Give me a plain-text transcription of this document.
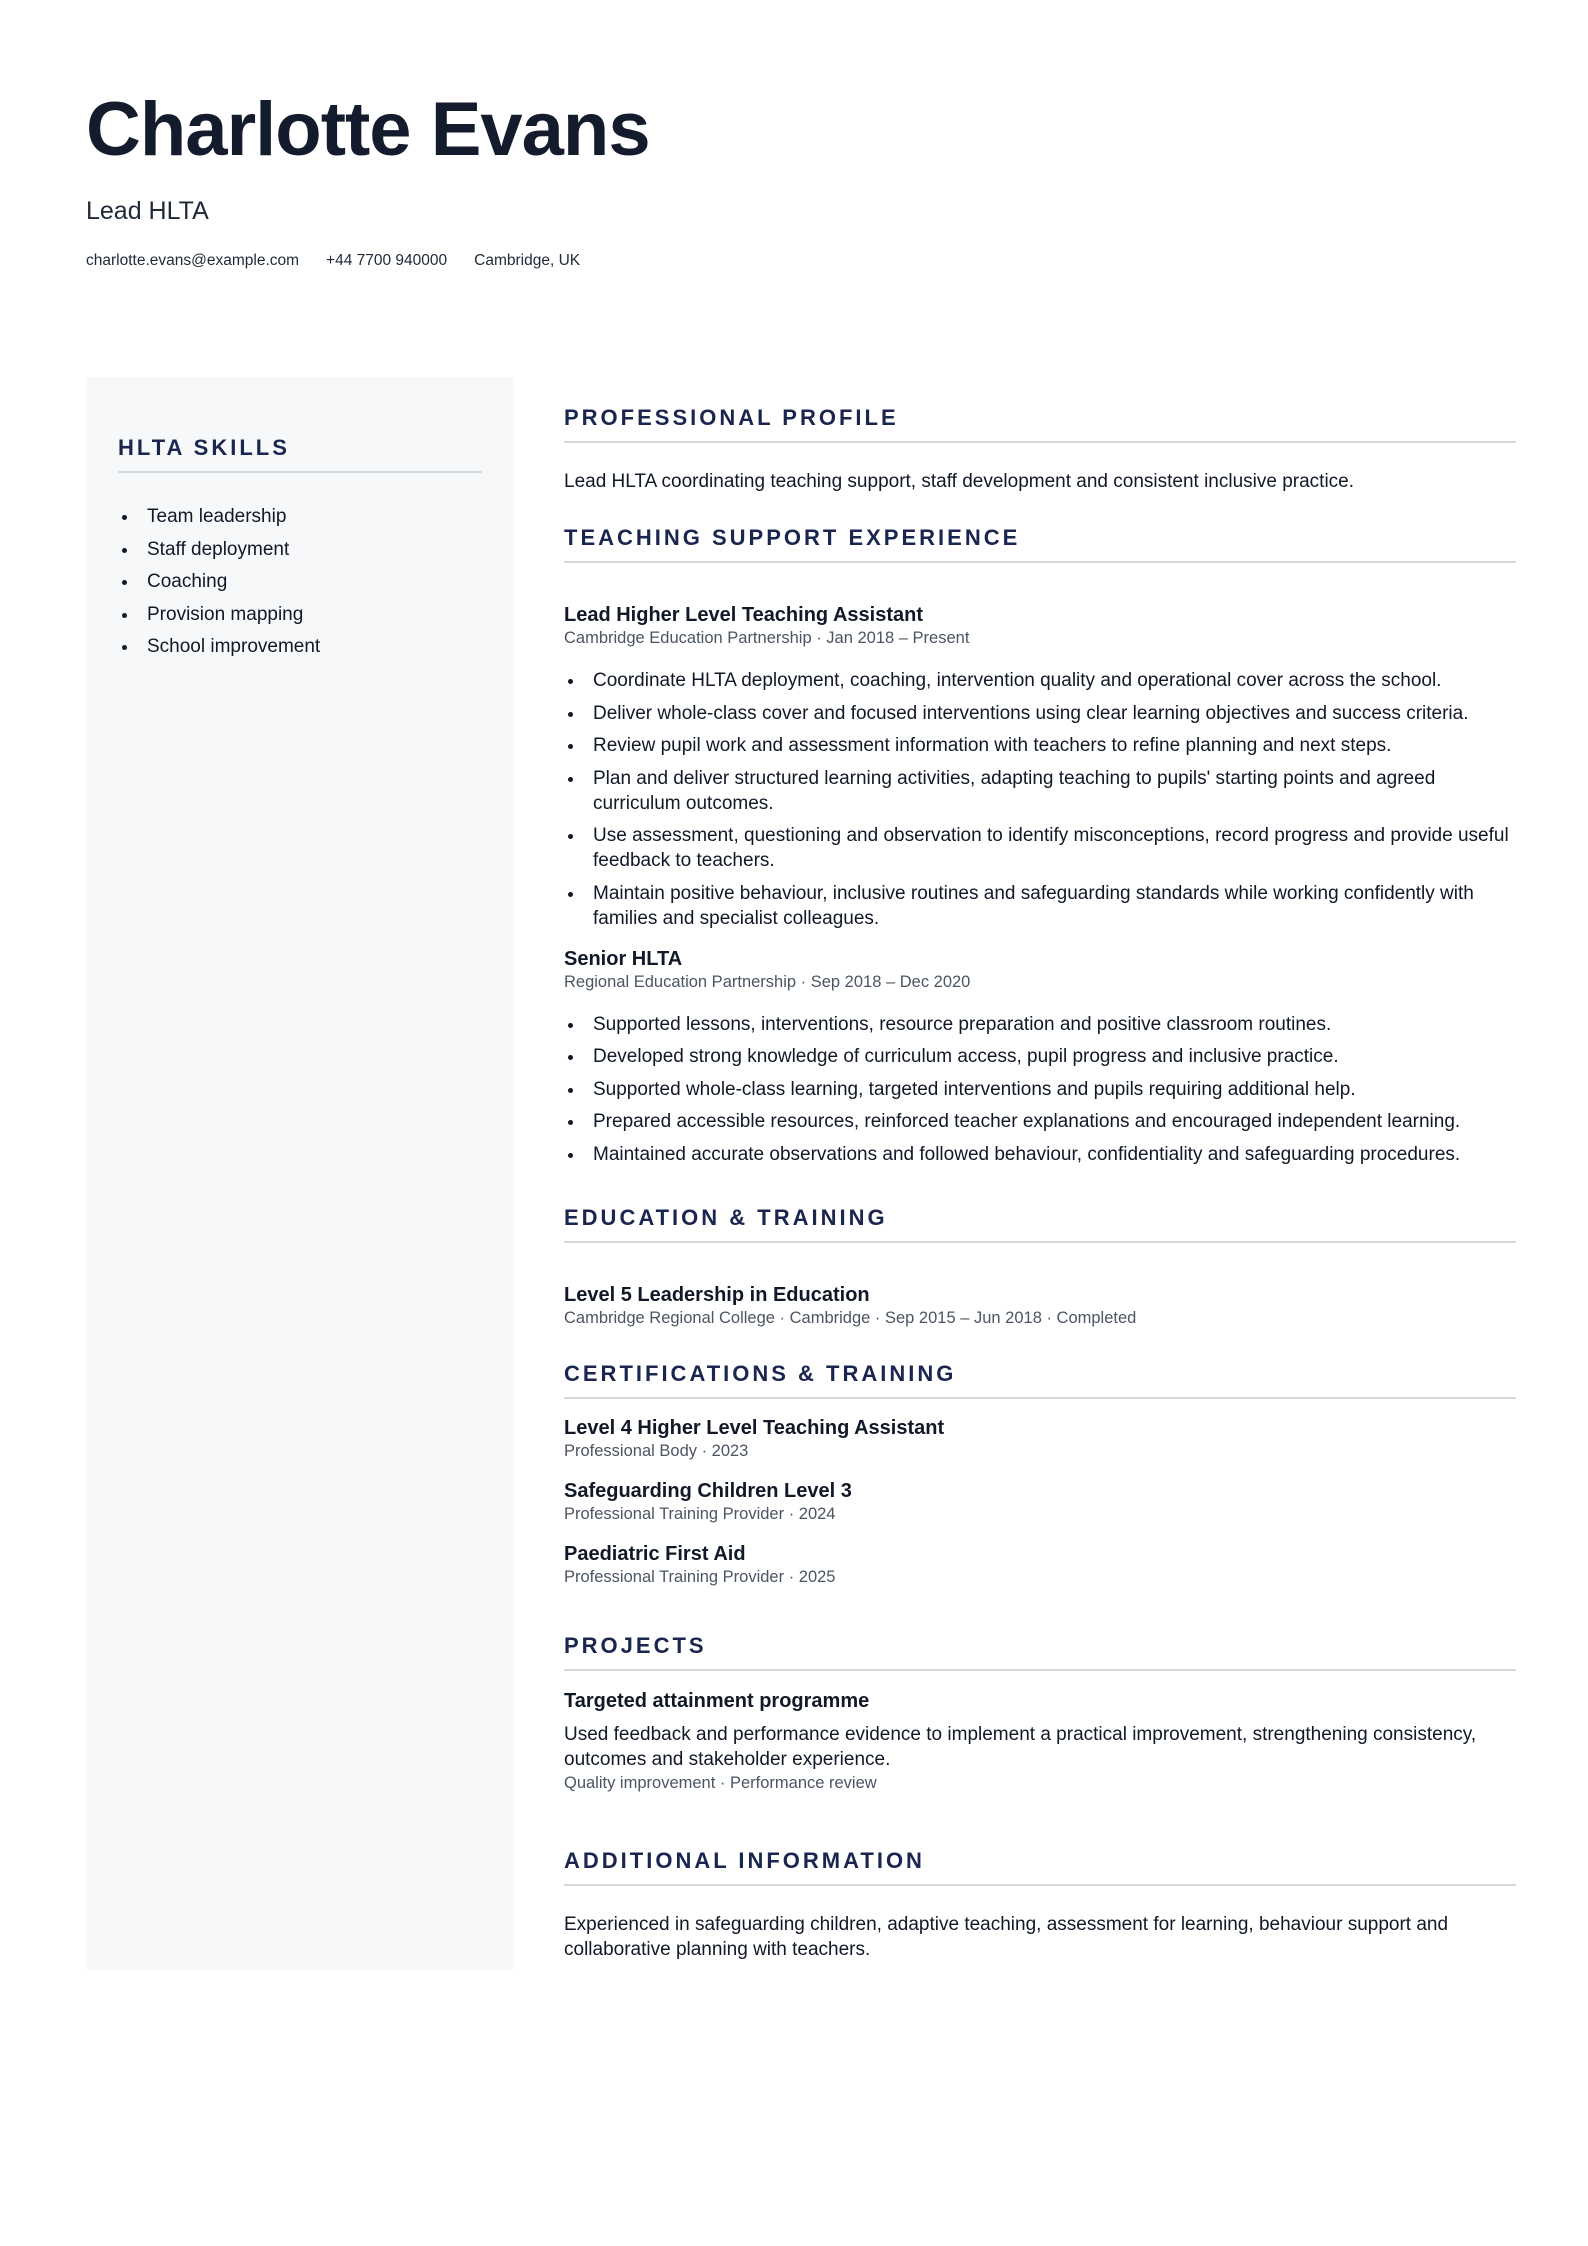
Charlotte Evans
Lead HLTA
charlotte.evans@example.com +44 7700 940000 Cambridge, UK
HLTA SKILLS
Team leadership
Staff deployment
Coaching
Provision mapping
School improvement
PROFESSIONAL PROFILE

Lead HLTA coordinating teaching support, staff development and consistent inclusive practice.

TEACHING SUPPORT EXPERIENCE
Lead Higher Level Teaching Assistant
Cambridge Education Partnership · Jan 2018 – Present
Coordinate HLTA deployment, coaching, intervention quality and operational cover across the school.
Deliver whole-class cover and focused interventions using clear learning objectives and success criteria.
Review pupil work and assessment information with teachers to refine planning and next steps.
Plan and deliver structured learning activities, adapting teaching to pupils' starting points and agreed curriculum outcomes.
Use assessment, questioning and observation to identify misconceptions, record progress and provide useful feedback to teachers.
Maintain positive behaviour, inclusive routines and safeguarding standards while working confidently with families and specialist colleagues.
Senior HLTA
Regional Education Partnership · Sep 2018 – Dec 2020
Supported lessons, interventions, resource preparation and positive classroom routines.
Developed strong knowledge of curriculum access, pupil progress and inclusive practice.
Supported whole-class learning, targeted interventions and pupils requiring additional help.
Prepared accessible resources, reinforced teacher explanations and encouraged independent learning.
Maintained accurate observations and followed behaviour, confidentiality and safeguarding procedures.
EDUCATION & TRAINING
Level 5 Leadership in Education
Cambridge Regional College · Cambridge · Sep 2015 – Jun 2018 · Completed
CERTIFICATIONS & TRAINING
Level 4 Higher Level Teaching Assistant
Professional Body · 2023
Safeguarding Children Level 3
Professional Training Provider · 2024
Paediatric First Aid
Professional Training Provider · 2025
PROJECTS
Targeted attainment programme

Used feedback and performance evidence to implement a practical improvement, strengthening consistency, outcomes and stakeholder experience.

Quality improvement · Performance review
ADDITIONAL INFORMATION

Experienced in safeguarding children, adaptive teaching, assessment for learning, behaviour support and collaborative planning with teachers.
